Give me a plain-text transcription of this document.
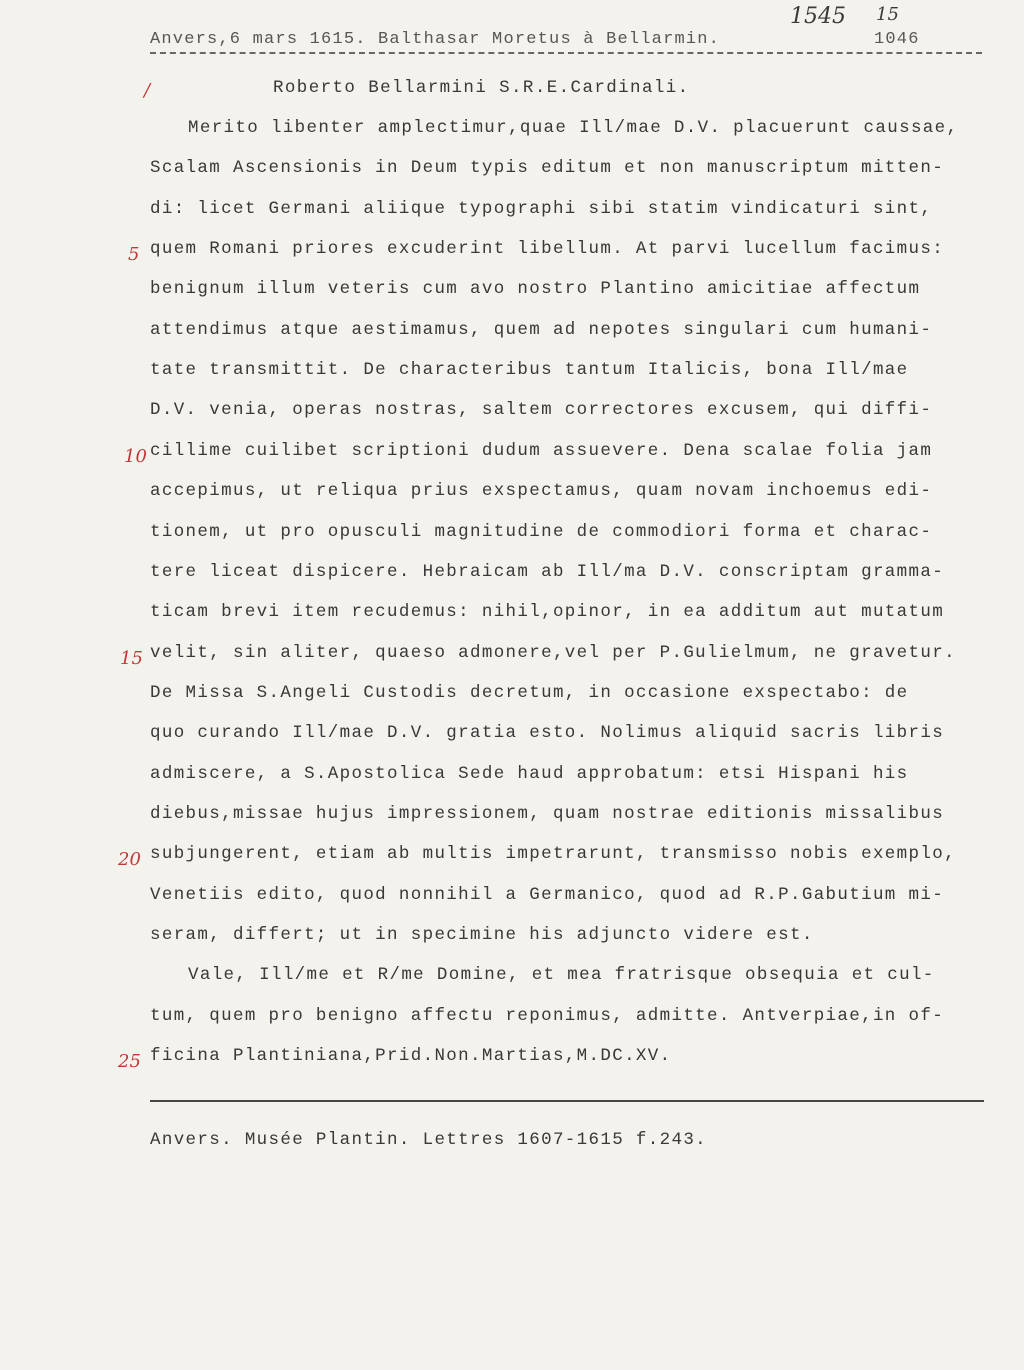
Anvers,6 mars 1615. Balthasar Moretus à Bellarmin.	1046
1545 15
/	Roberto Bellarmini S.R.E.Cardinali.
Merito libenter amplectimur,quae Ill/mae D.V. placuerunt caussae,
Scalam Ascensionis in Deum typis editum et non manuscriptum mitten-
di: licet Germani aliique typographi sibi statim vindicaturi sint,
quem Romani priores excuderint libellum. At parvi lucellum facimus:
benignum illum veteris cum avo nostro Plantino amicitiae affectum
attendimus atque aestimamus, quem ad nepotes singulari cum humani-
tate transmittit. De characteribus tantum Italicis, bona Ill/mae
D.V. venia, operas nostras, saltem correctores excusem, qui diffi-
cillime cuilibet scriptioni dudum assuevere. Dena scalae folia jam
accepimus, ut reliqua prius exspectamus, quam novam inchoemus edi-
tionem, ut pro opusculi magnitudine de commodiori forma et charac-
tere liceat dispicere. Hebraicam ab Ill/ma D.V. conscriptam gramma-
ticam brevi item recudemus: nihil,opinor, in ea additum aut mutatum
velit, sin aliter, quaeso admonere,vel per P.Gulielmum, ne gravetur.
De Missa S.Angeli Custodis decretum, in occasione exspectabo: de
quo curando Ill/mae D.V. gratia esto. Nolimus aliquid sacris libris
admiscere, a S.Apostolica Sede haud approbatum: etsi Hispani his
diebus,missae hujus impressionem, quam nostrae editionis missalibus
subjungerent, etiam ab multis impetrarunt, transmisso nobis exemplo,
Venetiis edito, quod nonnihil a Germanico, quod ad R.P.Gabutium mi-
seram, differt; ut in specimine his adjuncto videre est.
Vale, Ill/me et R/me Domine, et mea fratrisque obsequia et cul-
tum, quem pro benigno affectu reponimus, admitte. Antverpiae,in of-
ficina Plantiniana,Prid.Non.Martias,M.DC.XV.
5
10
15
20
25
Anvers. Musée Plantin. Lettres 1607-1615 f.243.
